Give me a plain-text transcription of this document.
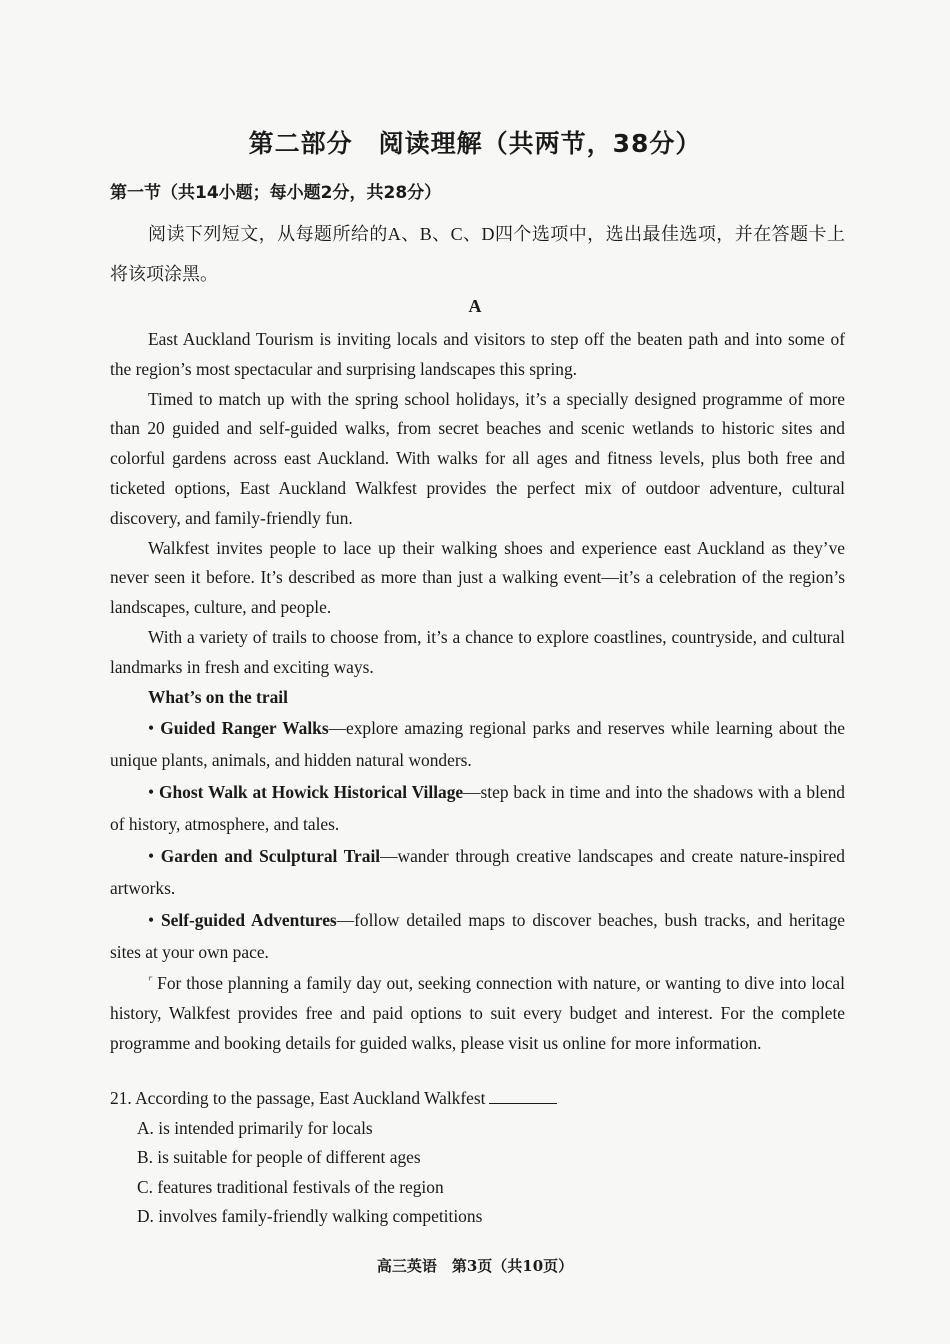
第二部分　阅读理解（共两节，38分）
第一节（共14小题；每小题2分，共28分）
阅读下列短文，从每题所给的A、B、C、D四个选项中，选出最佳选项，并在答题卡上将该项涂黑。
A

East Auckland Tourism is inviting locals and visitors to step off the beaten path and into some of the region’s most spectacular and surprising landscapes this spring.

Timed to match up with the spring school holidays, it’s a specially designed programme of more than 20 guided and self-guided walks, from secret beaches and scenic wetlands to historic sites and colorful gardens across east Auckland. With walks for all ages and fitness levels, plus both free and ticketed options, East Auckland Walkfest provides the perfect mix of outdoor adventure, cultural discovery, and family-friendly fun.

Walkfest invites people to lace up their walking shoes and experience east Auckland as they’ve never seen it before. It’s described as more than just a walking event—it’s a celebration of the region’s landscapes, culture, and people.

With a variety of trails to choose from, it’s a chance to explore coastlines, countryside, and cultural landmarks in fresh and exciting ways.

What’s on the trail

• Guided Ranger Walks—explore amazing regional parks and reserves while learning about the unique plants, animals, and hidden natural wonders.

• Ghost Walk at Howick Historical Village—step back in time and into the shadows with a blend of history, atmosphere, and tales.

• Garden and Sculptural Trail—wander through creative landscapes and create nature-inspired artworks.

• Self-guided Adventures—follow detailed maps to discover beaches, bush tracks, and heritage sites at your own pace.

⌜ For those planning a family day out, seeking connection with nature, or wanting to dive into local history, Walkfest provides free and paid options to suit every budget and interest. For the complete programme and booking details for guided walks, please visit us online for more information.

21. According to the passage, East Auckland Walkfest
A. is intended primarily for locals
B. is suitable for people of different ages
C. features traditional festivals of the region
D. involves family-friendly walking competitions
高三英语　第3页（共10页）
